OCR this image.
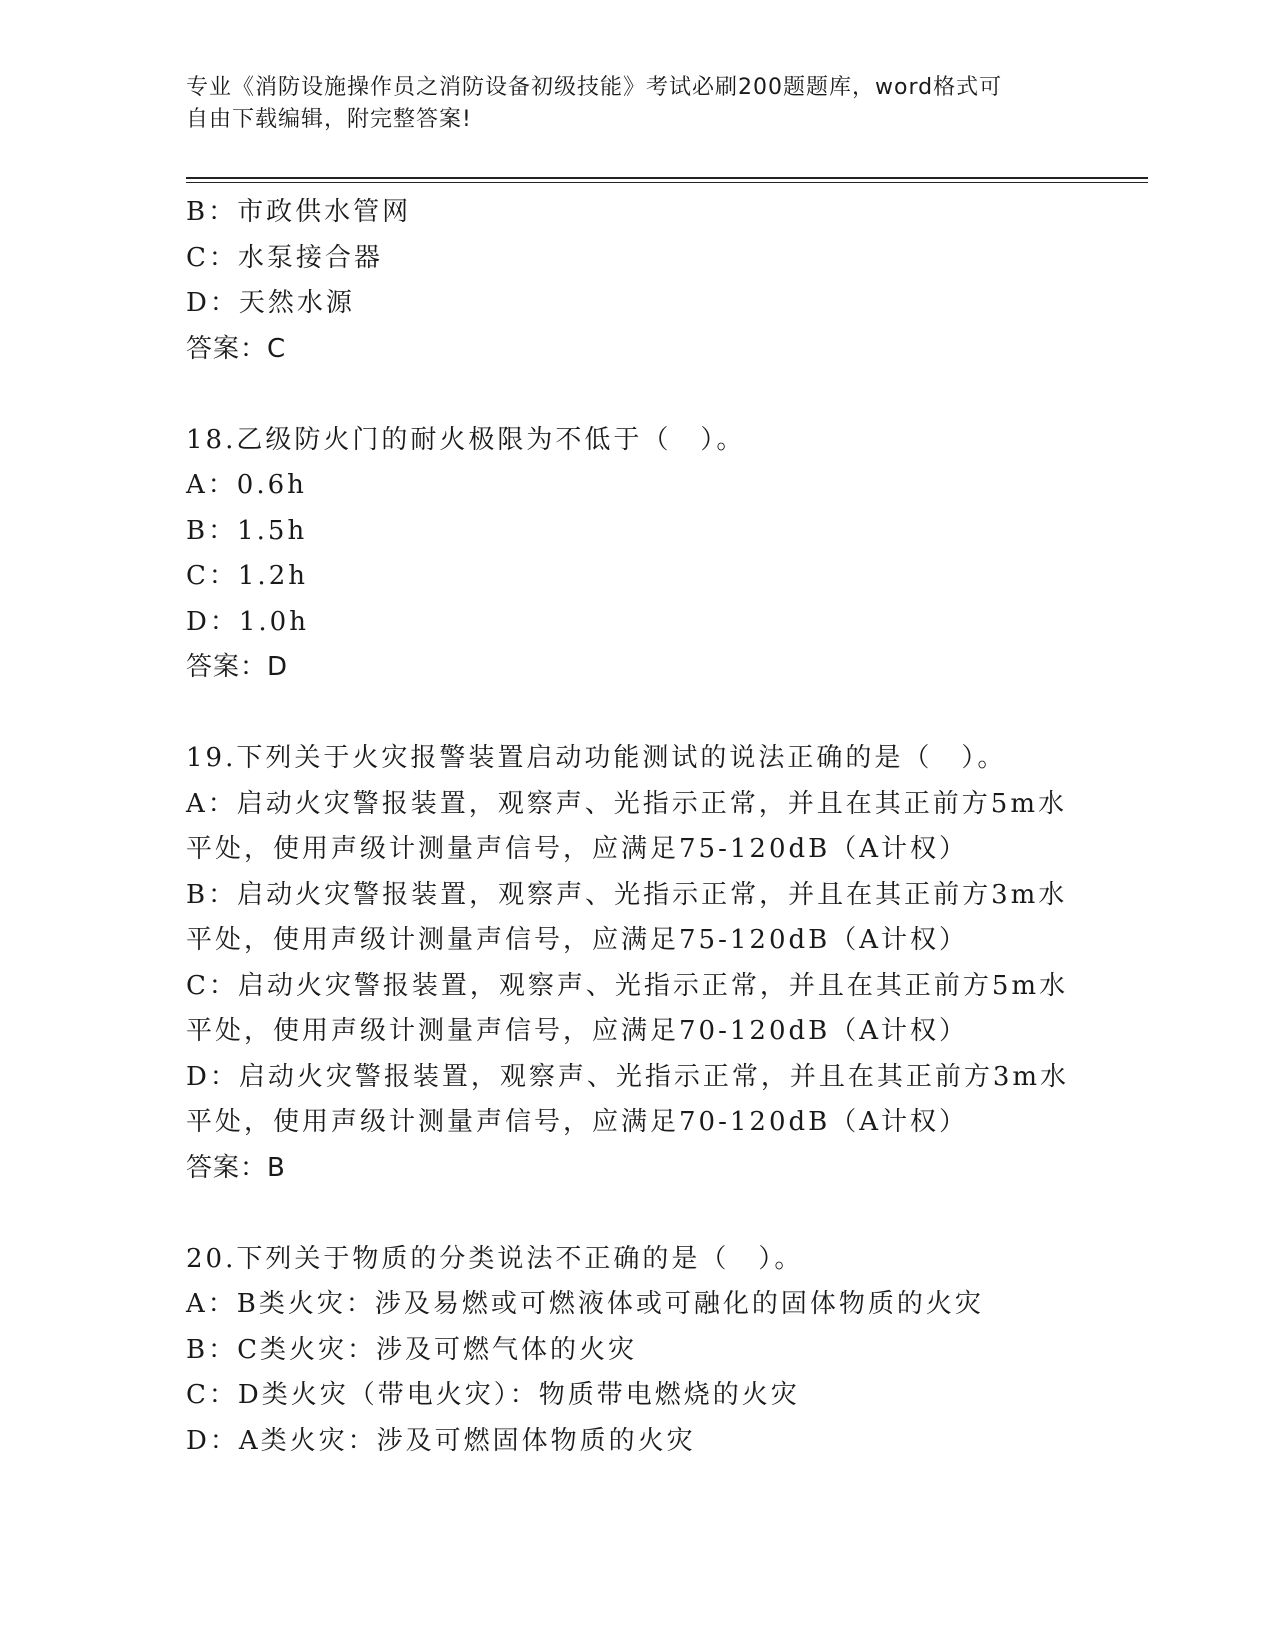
专业《消防设施操作员之消防设备初级技能》考试必刷200题题库，word格式可
自由下载编辑，附完整答案!
B：市政供水管网
C：水泵接合器
D：天然水源
答案：C
18.乙级防火门的耐火极限为不低于（　）。
A：0.6h
B：1.5h
C：1.2h
D：1.0h
答案：D
19.下列关于火灾报警装置启动功能测试的说法正确的是（　）。
A：启动火灾警报装置，观察声、光指示正常，并且在其正前方5m水
平处，使用声级计测量声信号，应满足75-120dB（A计权）
B：启动火灾警报装置，观察声、光指示正常，并且在其正前方3m水
平处，使用声级计测量声信号，应满足75-120dB（A计权）
C：启动火灾警报装置，观察声、光指示正常，并且在其正前方5m水
平处，使用声级计测量声信号，应满足70-120dB（A计权）
D：启动火灾警报装置，观察声、光指示正常，并且在其正前方3m水
平处，使用声级计测量声信号，应满足70-120dB（A计权）
答案：B
20.下列关于物质的分类说法不正确的是（　）。
A：B类火灾：涉及易燃或可燃液体或可融化的固体物质的火灾
B：C类火灾：涉及可燃气体的火灾
C：D类火灾（带电火灾）：物质带电燃烧的火灾
D：A类火灾：涉及可燃固体物质的火灾
